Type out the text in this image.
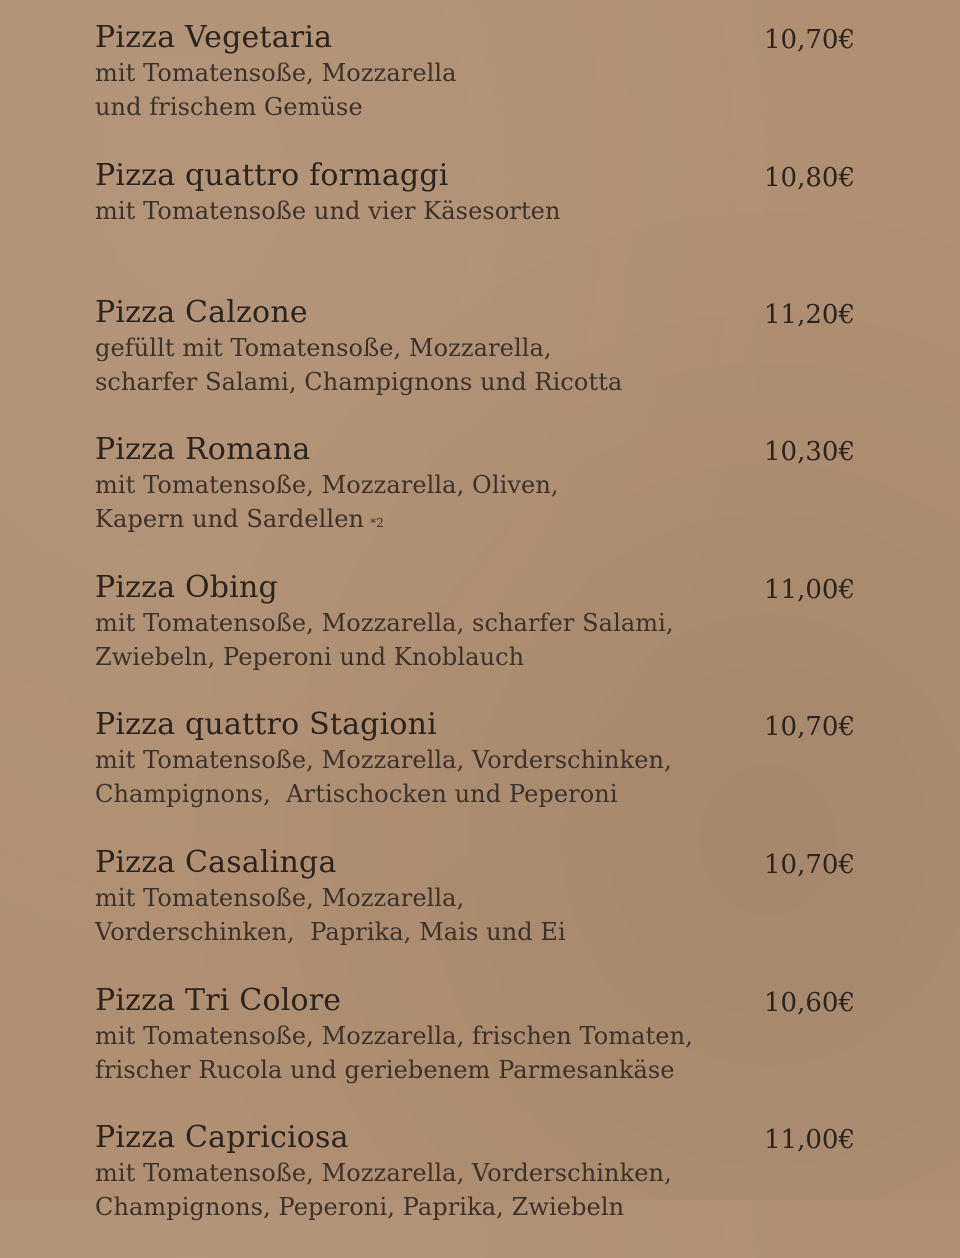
Pizza Vegetaria	10,70€
mit Tomatensoße, Mozzarella
und frischem Gemüse
Pizza quattro formaggi	10,80€
mit Tomatensoße und vier Käsesorten
Pizza Calzone	11,20€
gefüllt mit Tomatensoße, Mozzarella,
scharfer Salami, Champignons und Ricotta
Pizza Romana	10,30€
mit Tomatensoße, Mozzarella, Oliven,
Kapern und Sardellen *2
Pizza Obing	11,00€
mit Tomatensoße, Mozzarella, scharfer Salami,
Zwiebeln, Peperoni und Knoblauch
Pizza quattro Stagioni	10,70€
mit Tomatensoße, Mozzarella, Vorderschinken,
Champignons,  Artischocken und Peperoni
Pizza Casalinga	10,70€
mit Tomatensoße, Mozzarella,
Vorderschinken,  Paprika, Mais und Ei
Pizza Tri Colore	10,60€
mit Tomatensoße, Mozzarella, frischen Tomaten,
frischer Rucola und geriebenem Parmesankäse
Pizza Capriciosa	11,00€
mit Tomatensoße, Mozzarella, Vorderschinken,
Champignons, Peperoni, Paprika, Zwiebeln
